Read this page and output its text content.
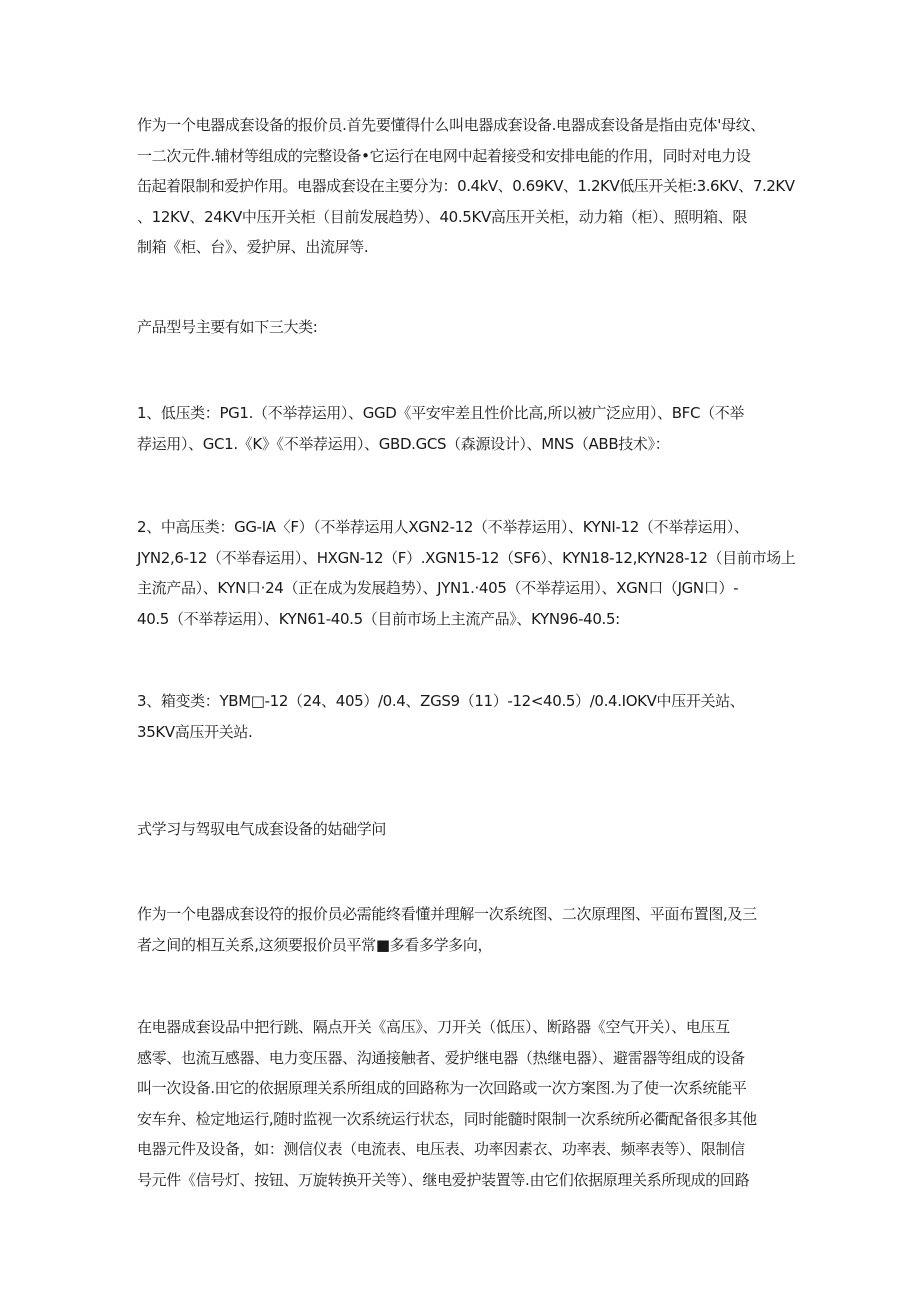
作为一个电器成套设备的报价员.首先要懂得什么叫电器成套设备.电器成套设备是指由克体'母纹、
一二次元件.辅材等组成的完整设备•它运行在电网中起着接受和安排电能的作用，同时对电力设
缶起着限制和爱护作用。电器成套设在主要分为：0.4kV、0.69KV、1.2KV低压开关柜:3.6KV、7.2KV
、12KV、24KV中压开关柜（目前发展趋势）、40.5KV高压开关柜，动力箱（柜）、照明箱、限
制箱《柜、台》、爱护屏、出流屏等.

产品型号主要有如下三大类:

1、低压类：PG1.（不举荐运用）、GGD《平安牢差且性价比高,所以被广泛应用）、BFC（不举
荐运用）、GC1.《K》《不举荐运用）、GBD.GCS（森源设计）、MNS（ABB技术》：

2、中高压类：GG-IA〈F）（不举荐运用人XGN2-12（不举荐运用）、KYNI-12（不举荐运用）、
JYN2,6-12（不举春运用）、HXGN-12（F）.XGN15-12（SF6）、KYN18-12,KYN28-12（目前市场上
主流产品）、KYN口·24（正在成为发展趋势）、JYN1.·405（不举荐运用）、XGN口（JGN口）-
40.5（不举荐运用）、KYN61-40.5（目前市场上主流产品》、KYN96-40.5:

3、箱变类：YBM□-12（24、405）/0.4、ZGS9（11）-12<40.5）/0.4.IOKV中压开关站、
35KV高压开关站.

式学习与驾驭电气成套设备的姑础学问

作为一个电器成套设符的报价员必需能终看懂并理解一次系统图、二次原理图、平面布置图,及三
者之间的相互关系,这须要报价员平常■多看多学多向，

在电器成套设品中把行跳、隔点开关《高压》、刀开关（低压）、断路器《空气开关）、电压互
感零、也流互感器、电力变压器、沟通接触者、爱护继电器（热继电器）、避雷器等组成的设备
叫一次设备.田它的依据原理关系所组成的回路称为一次回路或一次方案图.为了使一次系统能平
安车弁、检定地运行,随时监视一次系统运行状态，同时能髓时限制一次系统所必衢配备很多其他
电器元件及设备，如：测信仪表（电流表、电压表、功率因素衣、功率表、频率表等）、限制信
号元件《信号灯、按钮、万旋转换开关等）、继电爱护装置等.由它们依据原理关系所现成的回路
